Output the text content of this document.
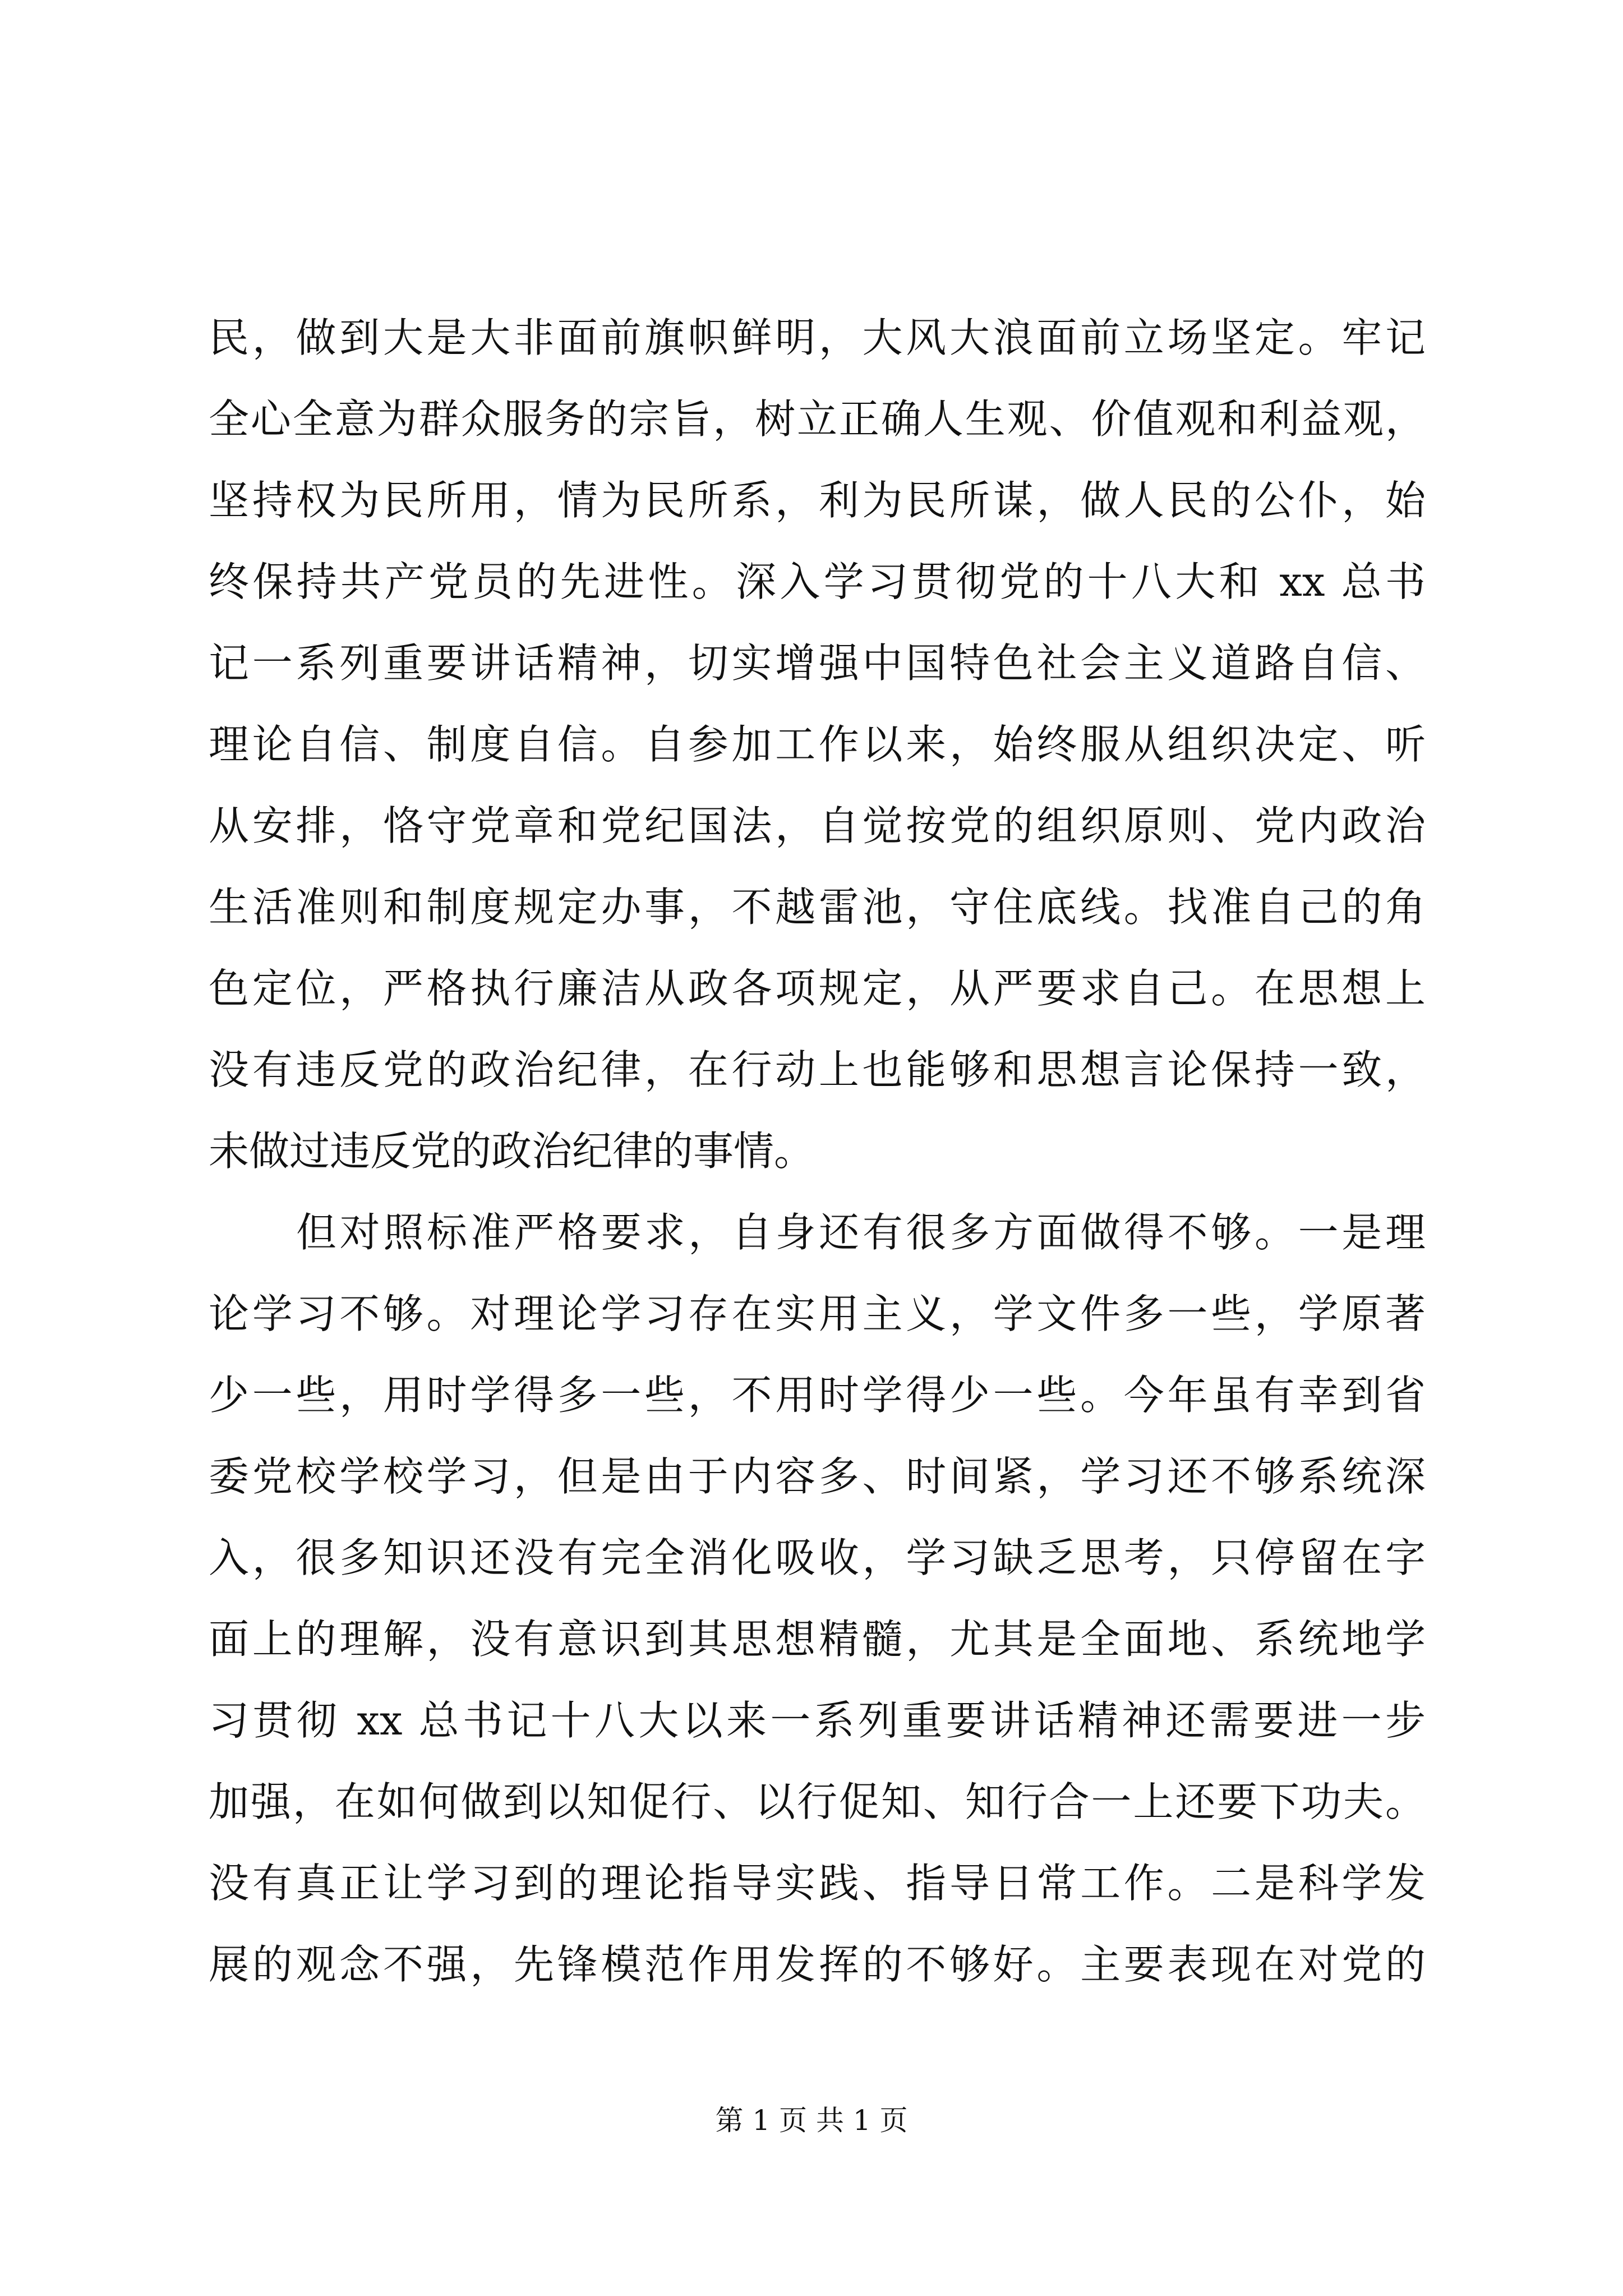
民，做到大是大非面前旗帜鲜明，大风大浪面前立场坚定。牢记
全心全意为群众服务的宗旨，树立正确人生观、价值观和利益观，
坚持权为民所用，情为民所系，利为民所谋，做人民的公仆，始
终保持共产党员的先进性。深入学习贯彻党的十八大和 xx 总书
记一系列重要讲话精神，切实增强中国特色社会主义道路自信、
理论自信、制度自信。自参加工作以来，始终服从组织决定、听
从安排，恪守党章和党纪国法，自觉按党的组织原则、党内政治
生活准则和制度规定办事，不越雷池，守住底线。找准自己的角
色定位，严格执行廉洁从政各项规定，从严要求自己。在思想上
没有违反党的政治纪律，在行动上也能够和思想言论保持一致，
未做过违反党的政治纪律的事情。
但对照标准严格要求，自身还有很多方面做得不够。一是理
论学习不够。对理论学习存在实用主义，学文件多一些，学原著
少一些，用时学得多一些，不用时学得少一些。今年虽有幸到省
委党校学校学习，但是由于内容多、时间紧，学习还不够系统深
入，很多知识还没有完全消化吸收，学习缺乏思考，只停留在字
面上的理解，没有意识到其思想精髓，尤其是全面地、系统地学
习贯彻 xx 总书记十八大以来一系列重要讲话精神还需要进一步
加强，在如何做到以知促行、以行促知、知行合一上还要下功夫。
没有真正让学习到的理论指导实践、指导日常工作。二是科学发
展的观念不强，先锋模范作用发挥的不够好。主要表现在对党的
第 1 页 共 1 页
